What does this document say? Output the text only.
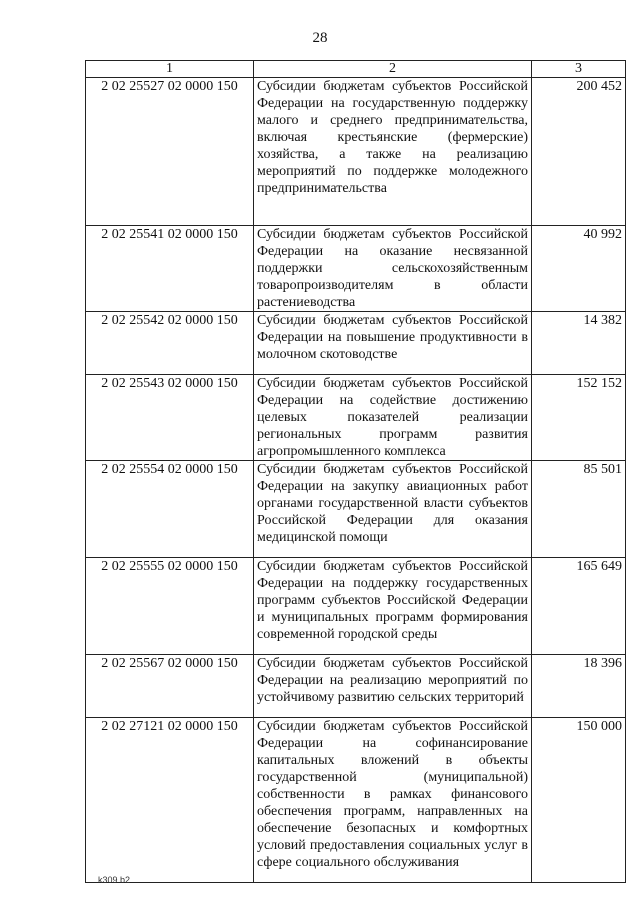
28
1	2	3
2 02 25527 02 0000 150	Субсидии бюджетам субъектов Российской Федерации на государственную поддержку малого и среднего предпринимательства, включая крестьянские (фермерские) хозяйства, а также на реализацию мероприятий по поддержке молодежного предпринимательства	200 452
2 02 25541 02 0000 150	Субсидии бюджетам субъектов Российской Федерации на оказание несвязанной поддержки сельскохозяйственным товаропроизводителям в области растениеводства	40 992
2 02 25542 02 0000 150	Субсидии бюджетам субъектов Российской Федерации на повышение продуктивности в молочном скотоводстве	14 382
2 02 25543 02 0000 150	Субсидии бюджетам субъектов Российской Федерации на содействие достижению целевых показателей реализации региональных программ развития агропромышленного комплекса	152 152
2 02 25554 02 0000 150	Субсидии бюджетам субъектов Российской Федерации на закупку авиационных работ органами государственной власти субъектов Российской Федерации для оказания медицинской помощи	85 501
2 02 25555 02 0000 150	Субсидии бюджетам субъектов Российской Федерации на поддержку государственных программ субъектов Российской Федерации и муниципальных программ формирования современной городской среды	165 649
2 02 25567 02 0000 150	Субсидии бюджетам субъектов Российской Федерации на реализацию мероприятий по устойчивому развитию сельских территорий	18 396
2 02 27121 02 0000 150	Субсидии бюджетам субъектов Российской Федерации на софинансирование капитальных вложений в объекты государственной (муниципальной) собственности в рамках финансового обеспечения программ, направленных на обеспечение безопасных и комфортных условий предоставления социальных услуг в сфере социального обслуживания	150 000
k309 b2
